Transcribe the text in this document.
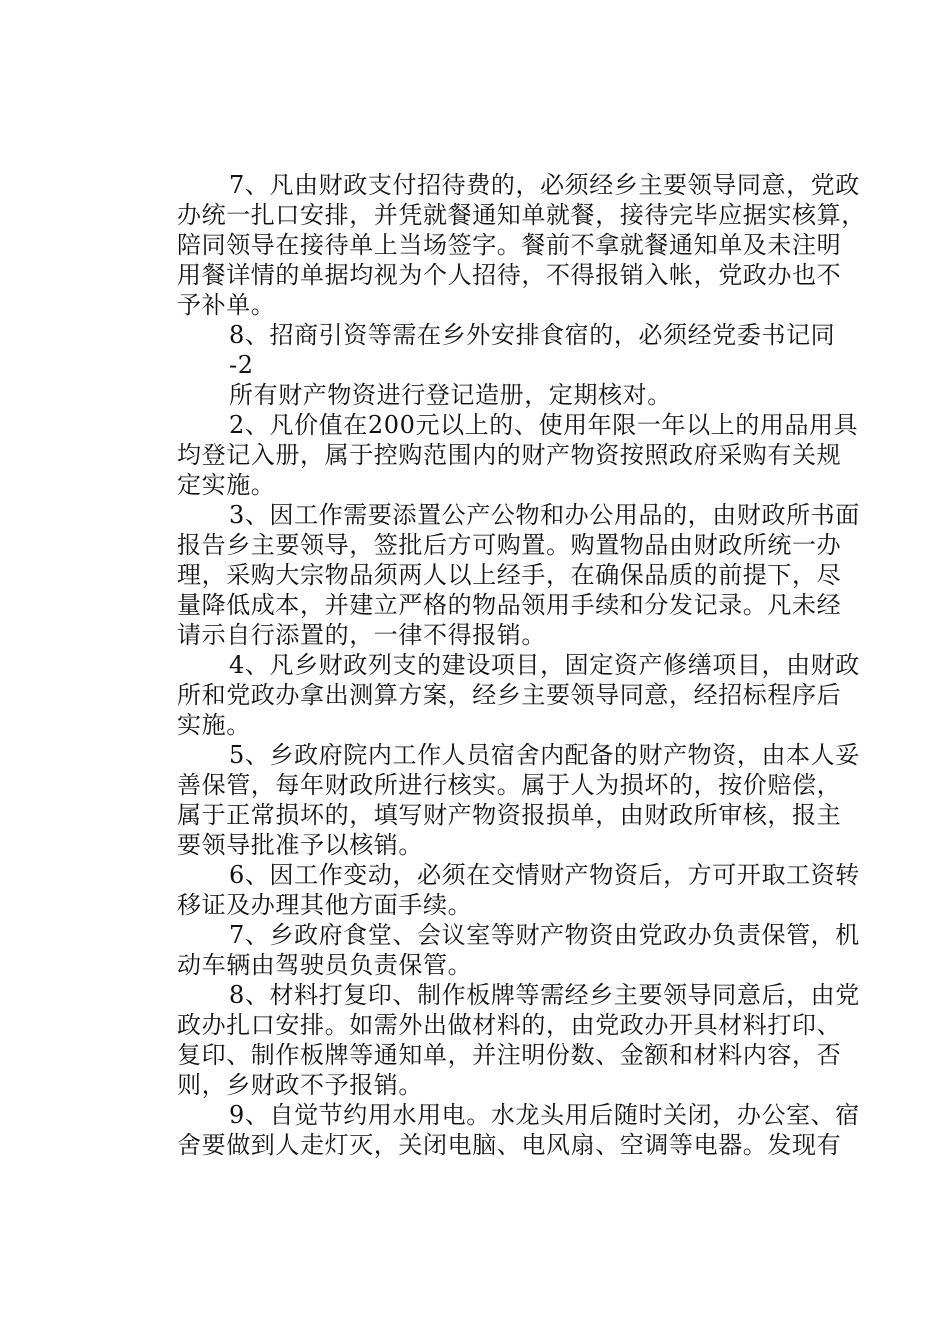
7、凡由财政支付招待费的，必须经乡主要领导同意，党政
办统一扎口安排，并凭就餐通知单就餐，接待完毕应据实核算，
陪同领导在接待单上当场签字。餐前不拿就餐通知单及未注明
用餐详情的单据均视为个人招待，不得报销入帐，党政办也不
予补单。

8、招商引资等需在乡外安排食宿的，必须经党委书记同

-2

所有财产物资进行登记造册，定期核对。

2、凡价值在200元以上的、使用年限一年以上的用品用具
均登记入册，属于控购范围内的财产物资按照政府采购有关规
定实施。

3、因工作需要添置公产公物和办公用品的，由财政所书面
报告乡主要领导，签批后方可购置。购置物品由财政所统一办
理，采购大宗物品须两人以上经手，在确保品质的前提下，尽
量降低成本，并建立严格的物品领用手续和分发记录。凡未经
请示自行添置的，一律不得报销。

4、凡乡财政列支的建设项目，固定资产修缮项目，由财政
所和党政办拿出测算方案，经乡主要领导同意，经招标程序后
实施。

5、乡政府院内工作人员宿舍内配备的财产物资，由本人妥
善保管，每年财政所进行核实。属于人为损坏的，按价赔偿，
属于正常损坏的，填写财产物资报损单，由财政所审核，报主
要领导批准予以核销。

6、因工作变动，必须在交情财产物资后，方可开取工资转
移证及办理其他方面手续。

7、乡政府食堂、会议室等财产物资由党政办负责保管，机
动车辆由驾驶员负责保管。

8、材料打复印、制作板牌等需经乡主要领导同意后，由党
政办扎口安排。如需外出做材料的，由党政办开具材料打印、
复印、制作板牌等通知单，并注明份数、金额和材料内容，否
则，乡财政不予报销。

9、自觉节约用水用电。水龙头用后随时关闭，办公室、宿
舍要做到人走灯灭，关闭电脑、电风扇、空调等电器。发现有
